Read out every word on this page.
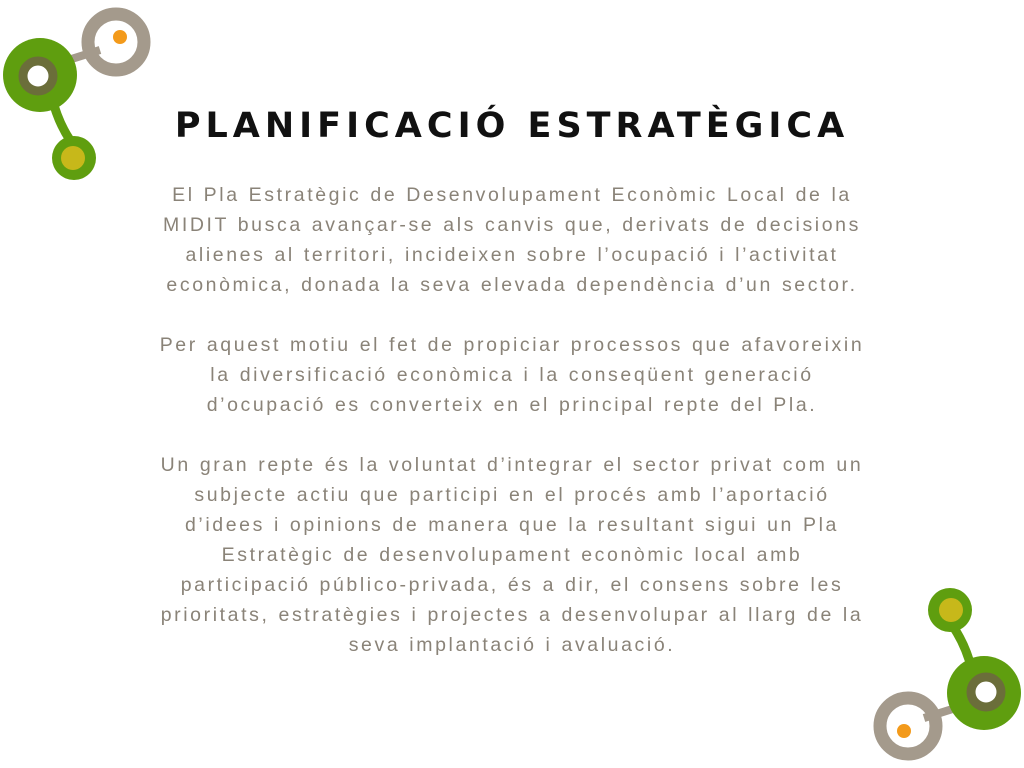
PLANIFICACIÓ ESTRATÈGICA

El Pla Estratègic de Desenvolupament Econòmic Local de la
MIDIT busca avançar-se als canvis que, derivats de decisions
alienes al territori, incideixen sobre l’ocupació i l’activitat
econòmica, donada la seva elevada dependència d’un sector.

Per aquest motiu el fet de propiciar processos que afavoreixin
la diversificació econòmica i la conseqüent generació
d’ocupació es converteix en el principal repte del Pla.

Un gran repte és la voluntat d’integrar el sector privat com un
subjecte actiu que participi en el procés amb l’aportació
d’idees i opinions de manera que la resultant sigui un Pla
Estratègic de desenvolupament econòmic local amb
participació público-privada, és a dir, el consens sobre les
prioritats, estratègies i projectes a desenvolupar al llarg de la
seva implantació i avaluació.
